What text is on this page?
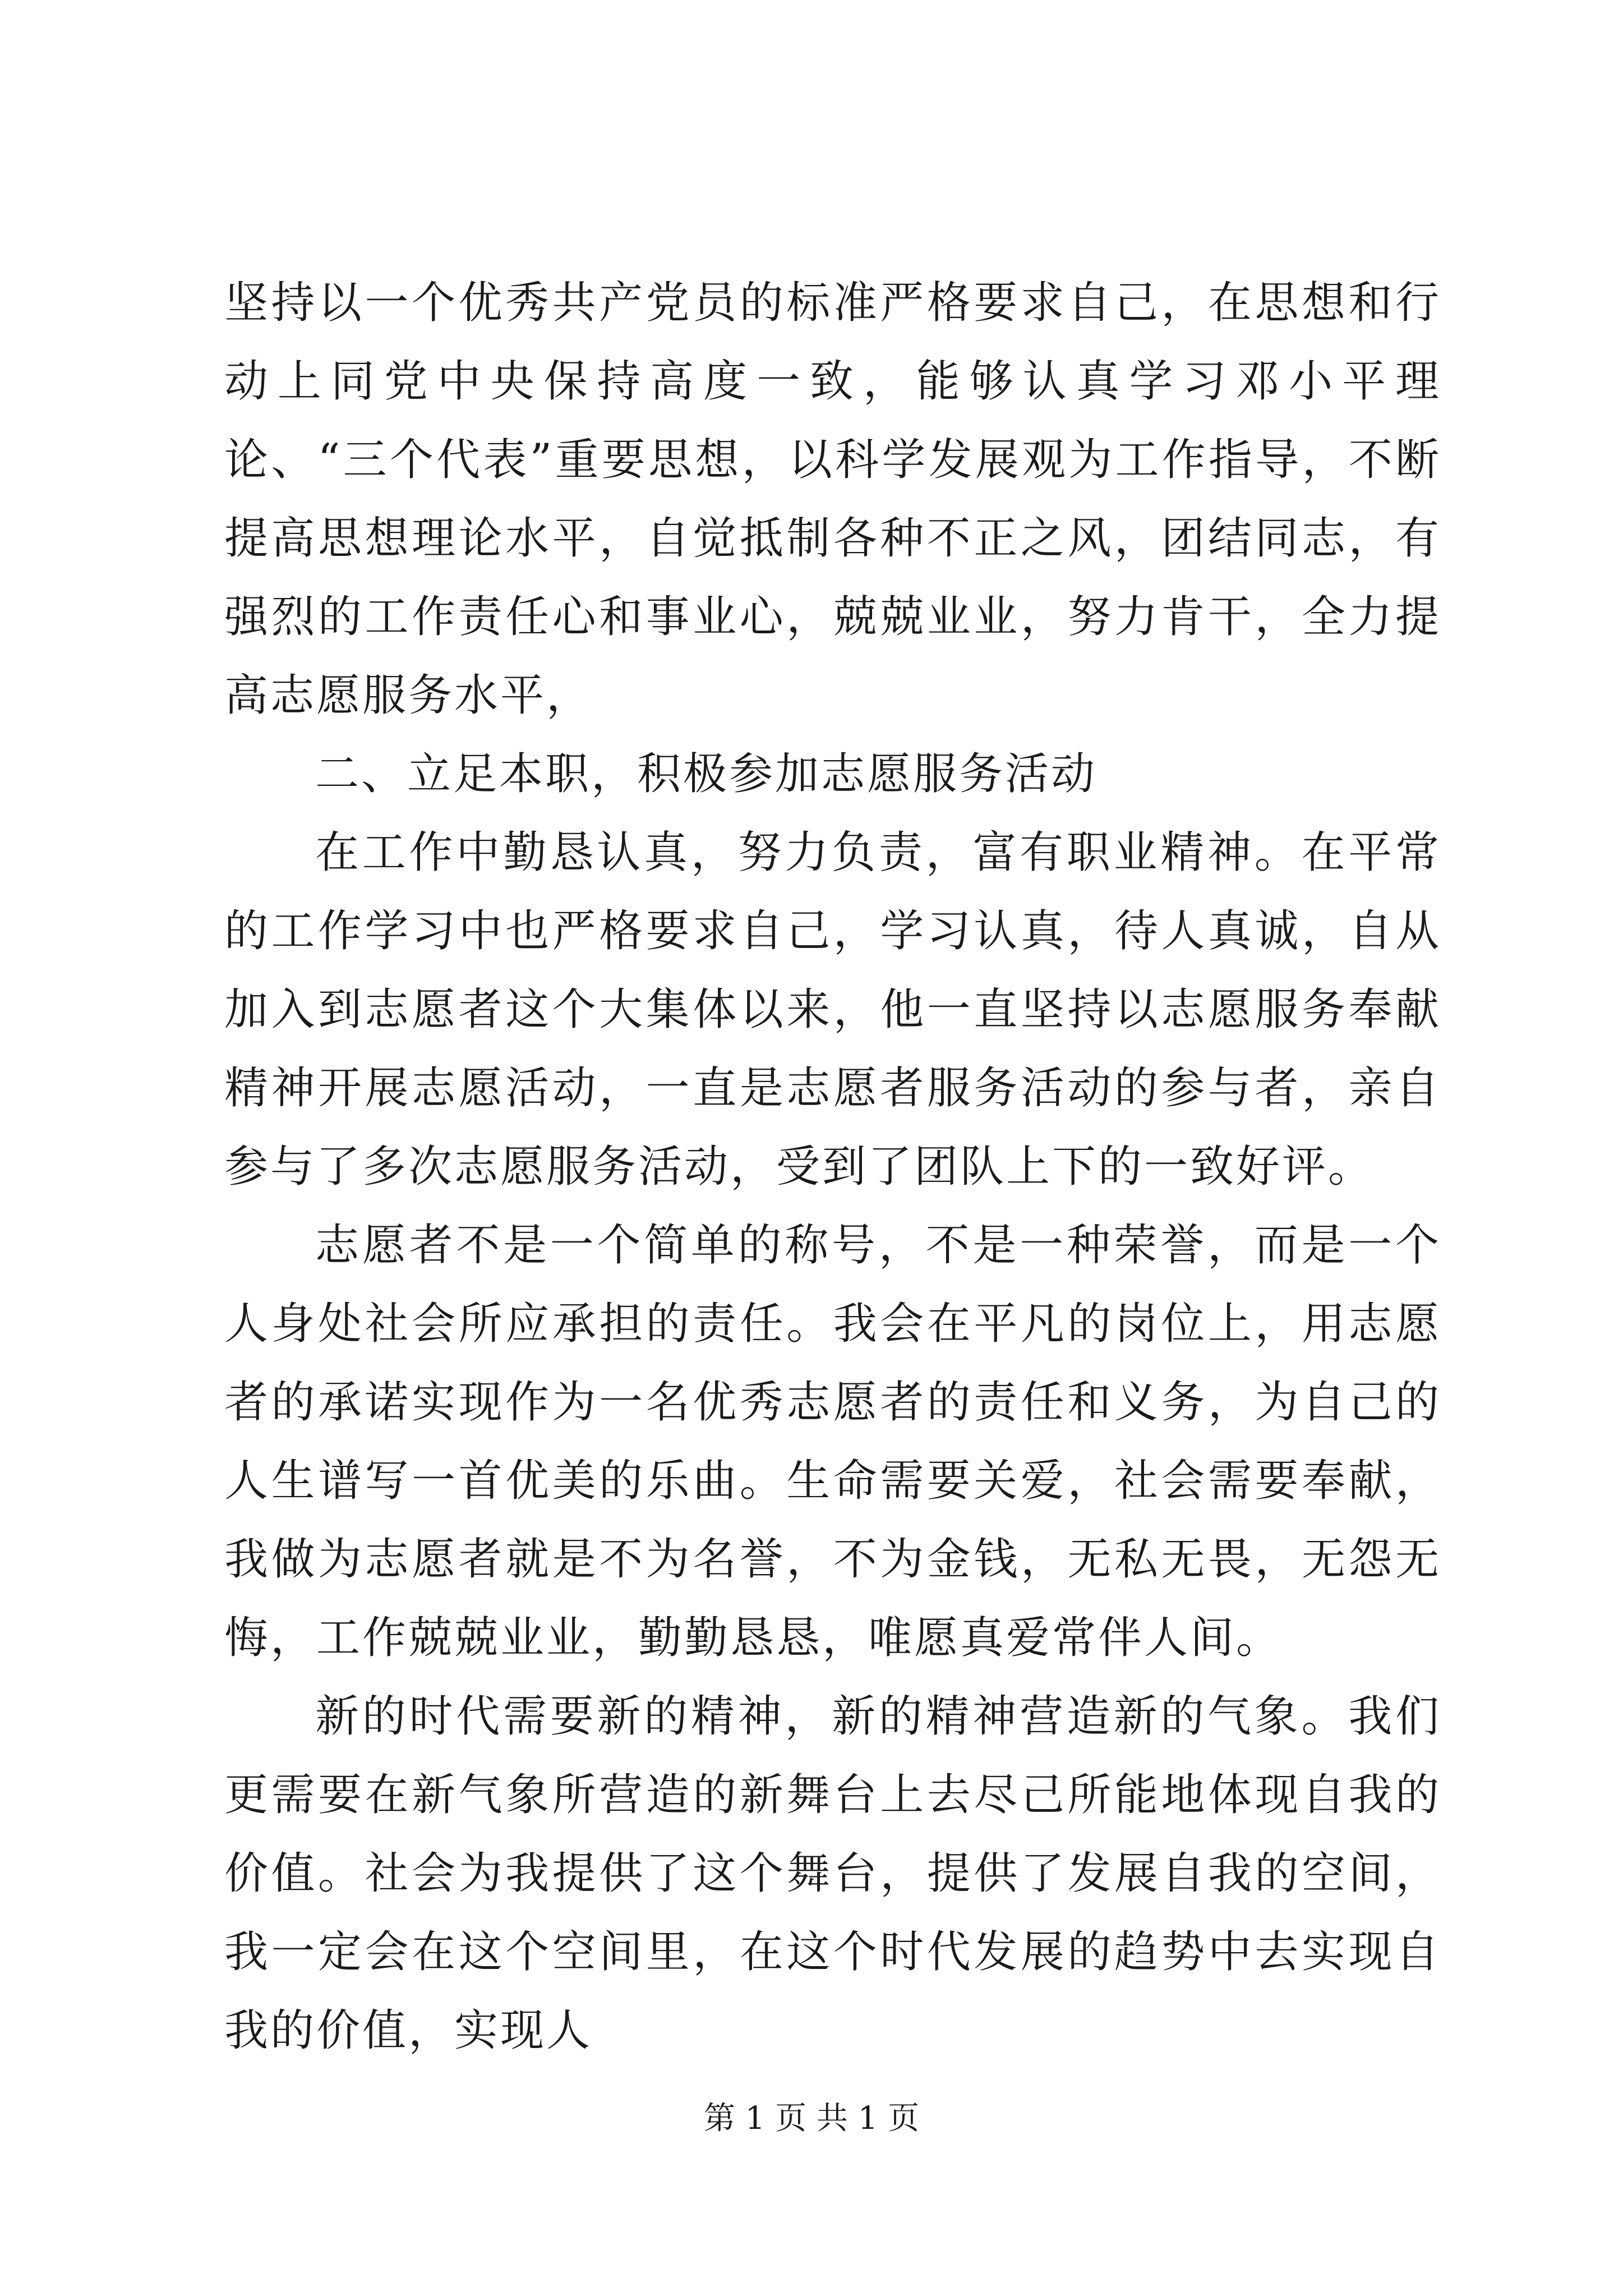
坚持以一个优秀共产党员的标准严格要求自己，在思想和行动上同党中央保持高度一致，能够认真学习邓小平理论、“三个代表”重要思想，以科学发展观为工作指导，不断提高思想理论水平，自觉抵制各种不正之风，团结同志，有强烈的工作责任心和事业心，兢兢业业，努力肯干，全力提高志愿服务水平，

二、立足本职，积极参加志愿服务活动

在工作中勤恳认真，努力负责，富有职业精神。在平常的工作学习中也严格要求自己，学习认真，待人真诚，自从加入到志愿者这个大集体以来，他一直坚持以志愿服务奉献精神开展志愿活动，一直是志愿者服务活动的参与者，亲自参与了多次志愿服务活动，受到了团队上下的一致好评。

志愿者不是一个简单的称号，不是一种荣誉，而是一个人身处社会所应承担的责任。我会在平凡的岗位上，用志愿者的承诺实现作为一名优秀志愿者的责任和义务，为自己的人生谱写一首优美的乐曲。生命需要关爱，社会需要奉献，我做为志愿者就是不为名誉，不为金钱，无私无畏，无怨无悔，工作兢兢业业，勤勤恳恳，唯愿真爱常伴人间。

新的时代需要新的精神，新的精神营造新的气象。我们更需要在新气象所营造的新舞台上去尽己所能地体现自我的价值。社会为我提供了这个舞台，提供了发展自我的空间，我一定会在这个空间里，在这个时代发展的趋势中去实现自我的价值，实现人

第 1 页 共 1 页
